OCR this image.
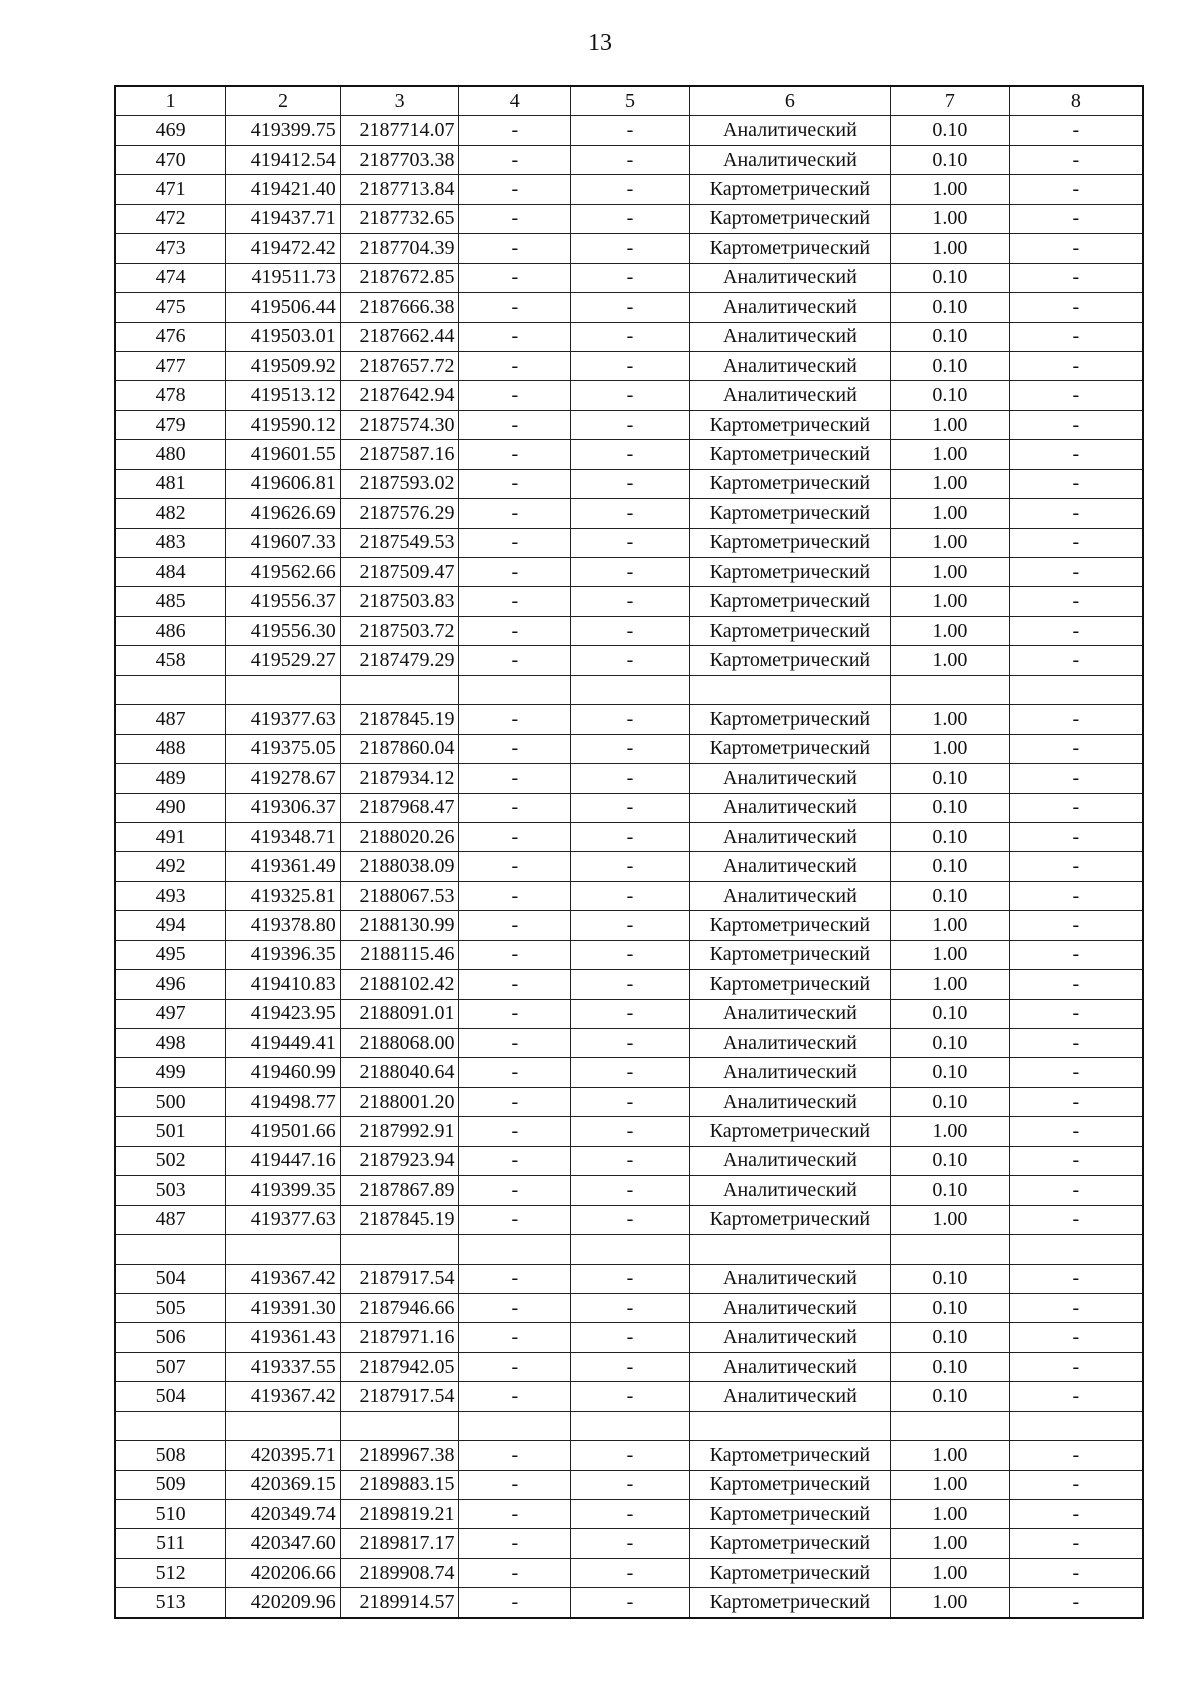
13
1	2	3	4	5	6	7	8
469	419399.75	2187714.07	-	-	Аналитический	0.10	-
470	419412.54	2187703.38	-	-	Аналитический	0.10	-
471	419421.40	2187713.84	-	-	Картометрический	1.00	-
472	419437.71	2187732.65	-	-	Картометрический	1.00	-
473	419472.42	2187704.39	-	-	Картометрический	1.00	-
474	419511.73	2187672.85	-	-	Аналитический	0.10	-
475	419506.44	2187666.38	-	-	Аналитический	0.10	-
476	419503.01	2187662.44	-	-	Аналитический	0.10	-
477	419509.92	2187657.72	-	-	Аналитический	0.10	-
478	419513.12	2187642.94	-	-	Аналитический	0.10	-
479	419590.12	2187574.30	-	-	Картометрический	1.00	-
480	419601.55	2187587.16	-	-	Картометрический	1.00	-
481	419606.81	2187593.02	-	-	Картометрический	1.00	-
482	419626.69	2187576.29	-	-	Картометрический	1.00	-
483	419607.33	2187549.53	-	-	Картометрический	1.00	-
484	419562.66	2187509.47	-	-	Картометрический	1.00	-
485	419556.37	2187503.83	-	-	Картометрический	1.00	-
486	419556.30	2187503.72	-	-	Картометрический	1.00	-
458	419529.27	2187479.29	-	-	Картометрический	1.00	-

487	419377.63	2187845.19	-	-	Картометрический	1.00	-
488	419375.05	2187860.04	-	-	Картометрический	1.00	-
489	419278.67	2187934.12	-	-	Аналитический	0.10	-
490	419306.37	2187968.47	-	-	Аналитический	0.10	-
491	419348.71	2188020.26	-	-	Аналитический	0.10	-
492	419361.49	2188038.09	-	-	Аналитический	0.10	-
493	419325.81	2188067.53	-	-	Аналитический	0.10	-
494	419378.80	2188130.99	-	-	Картометрический	1.00	-
495	419396.35	2188115.46	-	-	Картометрический	1.00	-
496	419410.83	2188102.42	-	-	Картометрический	1.00	-
497	419423.95	2188091.01	-	-	Аналитический	0.10	-
498	419449.41	2188068.00	-	-	Аналитический	0.10	-
499	419460.99	2188040.64	-	-	Аналитический	0.10	-
500	419498.77	2188001.20	-	-	Аналитический	0.10	-
501	419501.66	2187992.91	-	-	Картометрический	1.00	-
502	419447.16	2187923.94	-	-	Аналитический	0.10	-
503	419399.35	2187867.89	-	-	Аналитический	0.10	-
487	419377.63	2187845.19	-	-	Картометрический	1.00	-

504	419367.42	2187917.54	-	-	Аналитический	0.10	-
505	419391.30	2187946.66	-	-	Аналитический	0.10	-
506	419361.43	2187971.16	-	-	Аналитический	0.10	-
507	419337.55	2187942.05	-	-	Аналитический	0.10	-
504	419367.42	2187917.54	-	-	Аналитический	0.10	-

508	420395.71	2189967.38	-	-	Картометрический	1.00	-
509	420369.15	2189883.15	-	-	Картометрический	1.00	-
510	420349.74	2189819.21	-	-	Картометрический	1.00	-
511	420347.60	2189817.17	-	-	Картометрический	1.00	-
512	420206.66	2189908.74	-	-	Картометрический	1.00	-
513	420209.96	2189914.57	-	-	Картометрический	1.00	-
